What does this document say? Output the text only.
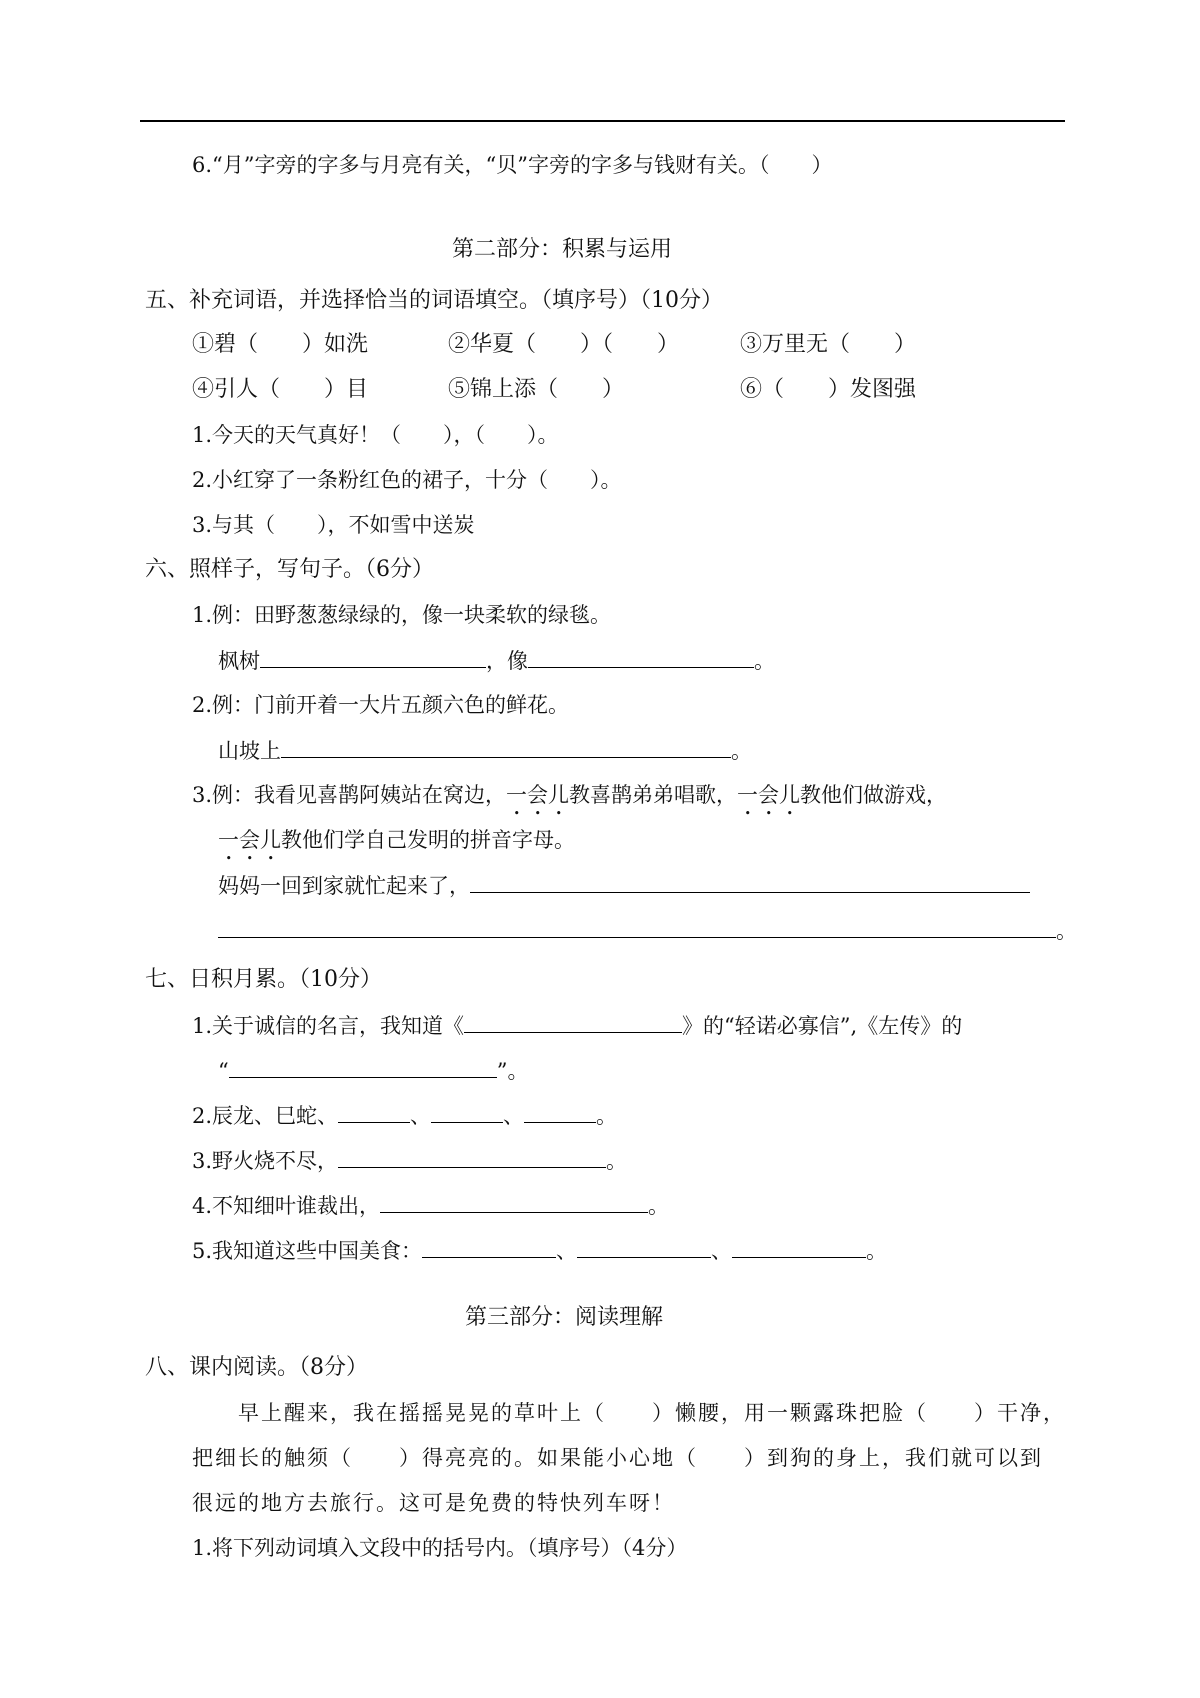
6.“月”字旁的字多与月亮有关，“贝”字旁的字多与钱财有关。（　　）
第二部分：积累与运用
五、补充词语，并选择恰当的词语填空。（填序号）（10分）
①碧（　　）如洗	②华夏（　　）（　　）	③万里无（　　）
④引人（　　）目	⑤锦上添（　　）	⑥（　　）发图强
1.今天的天气真好！（　　），（　　）。
2.小红穿了一条粉红色的裙子，十分（　　）。
3.与其（　　），不如雪中送炭
六、照样子，写句子。（6分）
1.例：田野葱葱绿绿的，像一块柔软的绿毯。
枫树	，像	。
2.例：门前开着一大片五颜六色的鲜花。
山坡上	。
3.例：我看见喜鹊阿姨站在窝边，一会儿教喜鹊弟弟唱歌，一会儿教他们做游戏，
一会儿教他们学自己发明的拼音字母。
妈妈一回到家就忙起来了，
。
七、日积月累。（10分）
1.关于诚信的名言，我知道《	》的“轻诺必寡信”,《左传》的
“	”。
2.辰龙、巳蛇、	、	、	。
3.野火烧不尽，	。
4.不知细叶谁裁出，	。
5.我知道这些中国美食：	、	、	。
第三部分：阅读理解
八、课内阅读。（8分）
早上醒来，我在摇摇晃晃的草叶上（　　）懒腰，用一颗露珠把脸（　　）干净，
把细长的触须（　　）得亮亮的。如果能小心地（　　）到狗的身上，我们就可以到
很远的地方去旅行。这可是免费的特快列车呀！
1.将下列动词填入文段中的括号内。（填序号）（4分）
